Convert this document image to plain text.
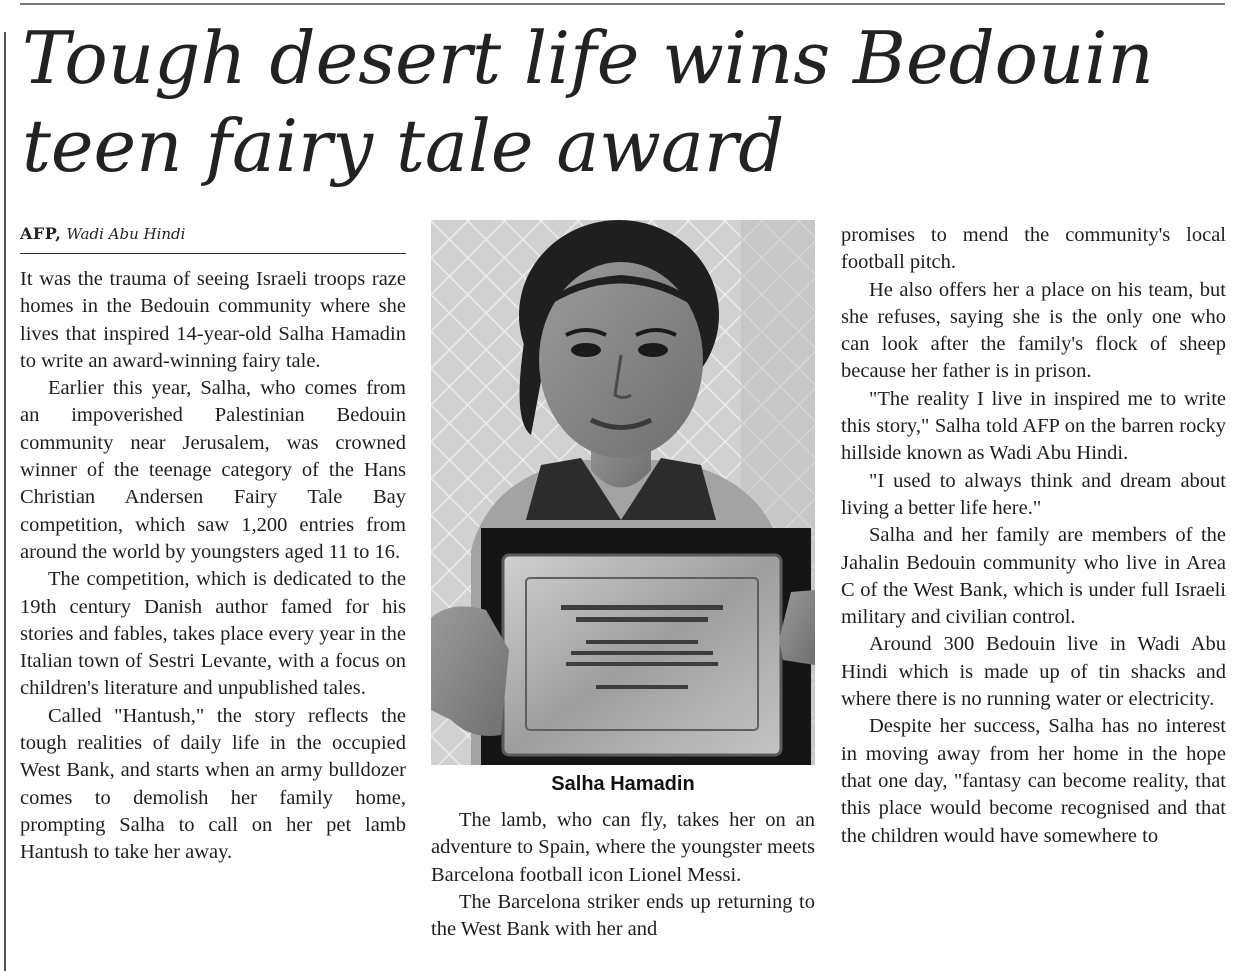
Tough desert life wins Bedouin teen fairy tale award
AFP, Wadi Abu Hindi

It was the trauma of seeing Israeli troops raze homes in the Bedouin community where she lives that inspired 14-year-old Salha Hamadin to write an award-winning fairy tale.

Earlier this year, Salha, who comes from an impoverished Palestinian Bedouin community near Jerusalem, was crowned winner of the teenage category of the Hans Christian Andersen Fairy Tale Bay competition, which saw 1,200 entries from around the world by youngsters aged 11 to 16.

The competition, which is dedicated to the 19th century Danish author famed for his stories and fables, takes place every year in the Italian town of Sestri Levante, with a focus on children's literature and unpublished tales.

Called "Hantush," the story reflects the tough realities of daily life in the occupied West Bank, and starts when an army bulldozer comes to demolish her family home, prompting Salha to call on her pet lamb Hantush to take her away.

Salha Hamadin

The lamb, who can fly, takes her on an adventure to Spain, where the youngster meets Barcelona football icon Lionel Messi.

The Barcelona striker ends up returning to the West Bank with her and

promises to mend the community's local football pitch.

He also offers her a place on his team, but she refuses, saying she is the only one who can look after the family's flock of sheep because her father is in prison.

"The reality I live in inspired me to write this story," Salha told AFP on the barren rocky hillside known as Wadi Abu Hindi.

"I used to always think and dream about living a better life here."

Salha and her family are members of the Jahalin Bedouin community who live in Area C of the West Bank, which is under full Israeli military and civilian control.

Around 300 Bedouin live in Wadi Abu Hindi which is made up of tin shacks and where there is no running water or electricity.

Despite her success, Salha has no interest in moving away from her home in the hope that one day, "fantasy can become reality, that this place would become recognised and that the children would have somewhere to
